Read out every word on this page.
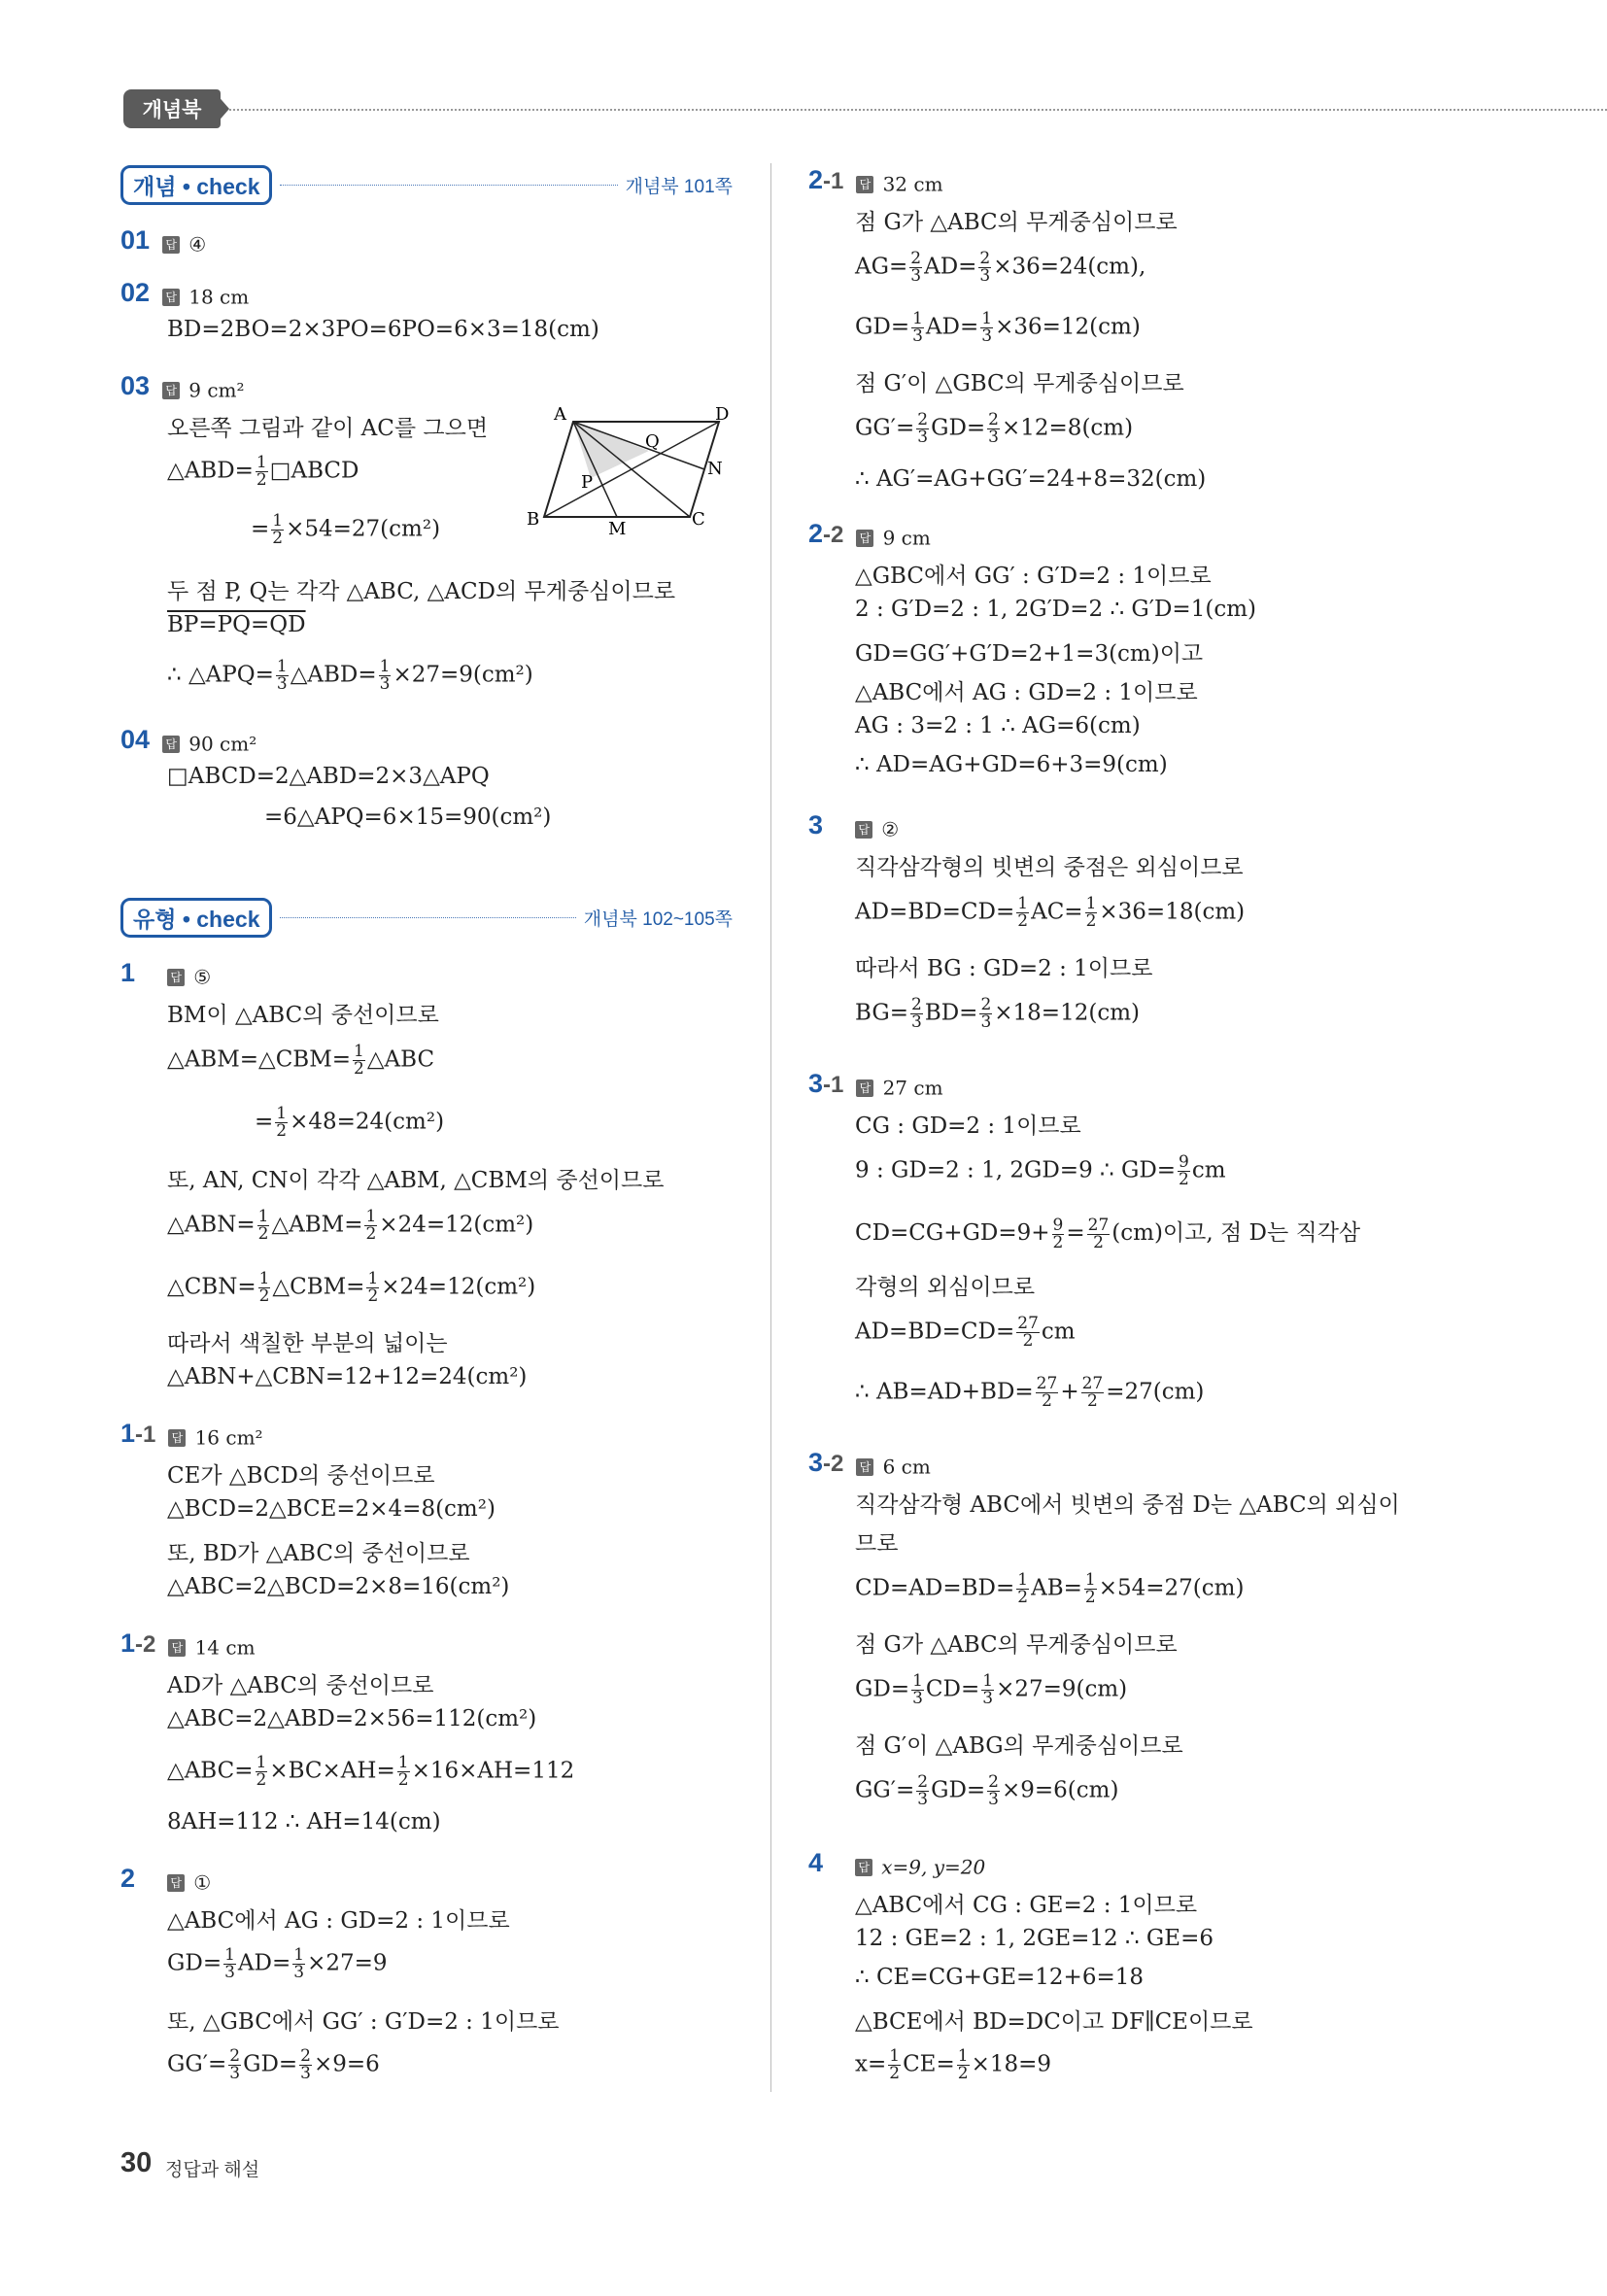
개념북
개념 • check	개념북 101쪽
01 답 ④
02 답 18 cm
BD=2BO=2×3PO=6PO=6×3=18(cm)
03 답 9 cm²
오른쪽 그림과 같이 AC를 그으면
△ABD= $\frac{1}{2}$ □ABCD
= $\frac{1}{2} \times 54=27(cm^2)$
두 점 P, Q는 각각 △ABC, △ACD의 무게중심이므로
BP=PQ=QD
∴ △APQ= $\frac{1}{3}$ △ABD= $\frac{1}{3} \times 27=9(cm^2)$
A	D
B	C
M
N
P
Q
04 답 90 cm²
□ABCD=2△ABD=2×3△APQ
=6△APQ=6×15=90(cm²)
유형 • check	개념북 102~105쪽
1	답 ⑤
BM이 △ABC의 중선이므로
△ABM=△CBM= $\frac{1}{2}$ △ABC
= $\frac{1}{2} \times 48=24(cm^2)$
또, AN, CN이 각각 △ABM, △CBM의 중선이므로
△ABN= $\frac{1}{2}$ △ABM= $\frac{1}{2} \times 24=12(cm^2)$
△CBN= $\frac{1}{2}$ △CBM= $\frac{1}{2} \times 24=12(cm^2)$
따라서 색칠한 부분의 넓이는
△ABN+△CBN=12+12=24(cm²)
1-1 답 16 cm²
CE가 △BCD의 중선이므로
△BCD=2△BCE=2×4=8(cm²)
또, BD가 △ABC의 중선이므로
△ABC=2△BCD=2×8=16(cm²)
1-2 답 14 cm
AD가 △ABC의 중선이므로
△ABC=2△ABD=2×56=112(cm²)
△ABC= $\frac{1}{2} \times BC\times AH= \frac{1}{2} \times 16\times AH=112$
8AH=112 ∴ AH=14(cm)
2	답 ①
△ABC에서 AG : GD=2 : 1이므로
$GD= \frac{1}{3} AD= \frac{1}{3} \times 27=9$
또, △GBC에서 GG′ : G′D=2 : 1이므로
$GG'= \frac{2}{3} GD= \frac{2}{3} \times 9=6$
2-1 답 32 cm
점 G가 △ABC의 무게중심이므로
$AG= \frac{2}{3} AD= \frac{2}{3} \times 36=24(cm)$,
$GD= \frac{1}{3} AD= \frac{1}{3} \times 36=12(cm)$
점 G′이 △GBC의 무게중심이므로
$GG'= \frac{2}{3} GD= \frac{2}{3} \times 12=8(cm)$
∴ AG′=AG+GG′=24+8=32(cm)
2-2 답 9 cm
△GBC에서 GG′ : G′D=2 : 1이므로
2 : G′D=2 : 1, 2G′D=2 ∴ G′D=1(cm)
GD=GG′+G′D=2+1=3(cm)이고
△ABC에서 AG : GD=2 : 1이므로
AG : 3=2 : 1 ∴ AG=6(cm)
∴ AD=AG+GD=6+3=9(cm)
3	답 ②
직각삼각형의 빗변의 중점은 외심이므로
$AD=BD=CD= \frac{1}{2} AC= \frac{1}{2} \times 36=18(cm)$
따라서 BG : GD=2 : 1이므로
$BG= \frac{2}{3} BD= \frac{2}{3} \times 18=12(cm)$
3-1 답 27 cm
CG : GD=2 : 1이므로
9 : GD=2 : 1, 2GD=9 ∴ $GD= \frac{9}{2}$ cm
$CD=CG+GD=9+ \frac{9}{2} = \frac{27}{2} (cm)$이고, 점 D는 직각삼
각형의 외심이므로
$AD=BD=CD= \frac{27}{2}$ cm
∴ $AB=AD+BD= \frac{27}{2} + \frac{27}{2} =27(cm)$
3-2 답 6 cm
직각삼각형 ABC에서 빗변의 중점 D는 △ABC의 외심이
므로
$CD=AD=BD= \frac{1}{2} AB= \frac{1}{2} \times 54=27(cm)$
점 G가 △ABC의 무게중심이므로
$GD= \frac{1}{3} CD= \frac{1}{3} \times 27=9(cm)$
점 G′이 △ABG의 무게중심이므로
$GG'= \frac{2}{3} GD= \frac{2}{3} \times 9=6(cm)$
4	답 x=9, y=20
△ABC에서 CG : GE=2 : 1이므로
12 : GE=2 : 1, 2GE=12 ∴ GE=6
∴ CE=CG+GE=12+6=18
△BCE에서 BD=DC이고 DF∥CE이므로
$x= \frac{1}{2} CE= \frac{1}{2} \times 18=9$
30 정답과 해설
